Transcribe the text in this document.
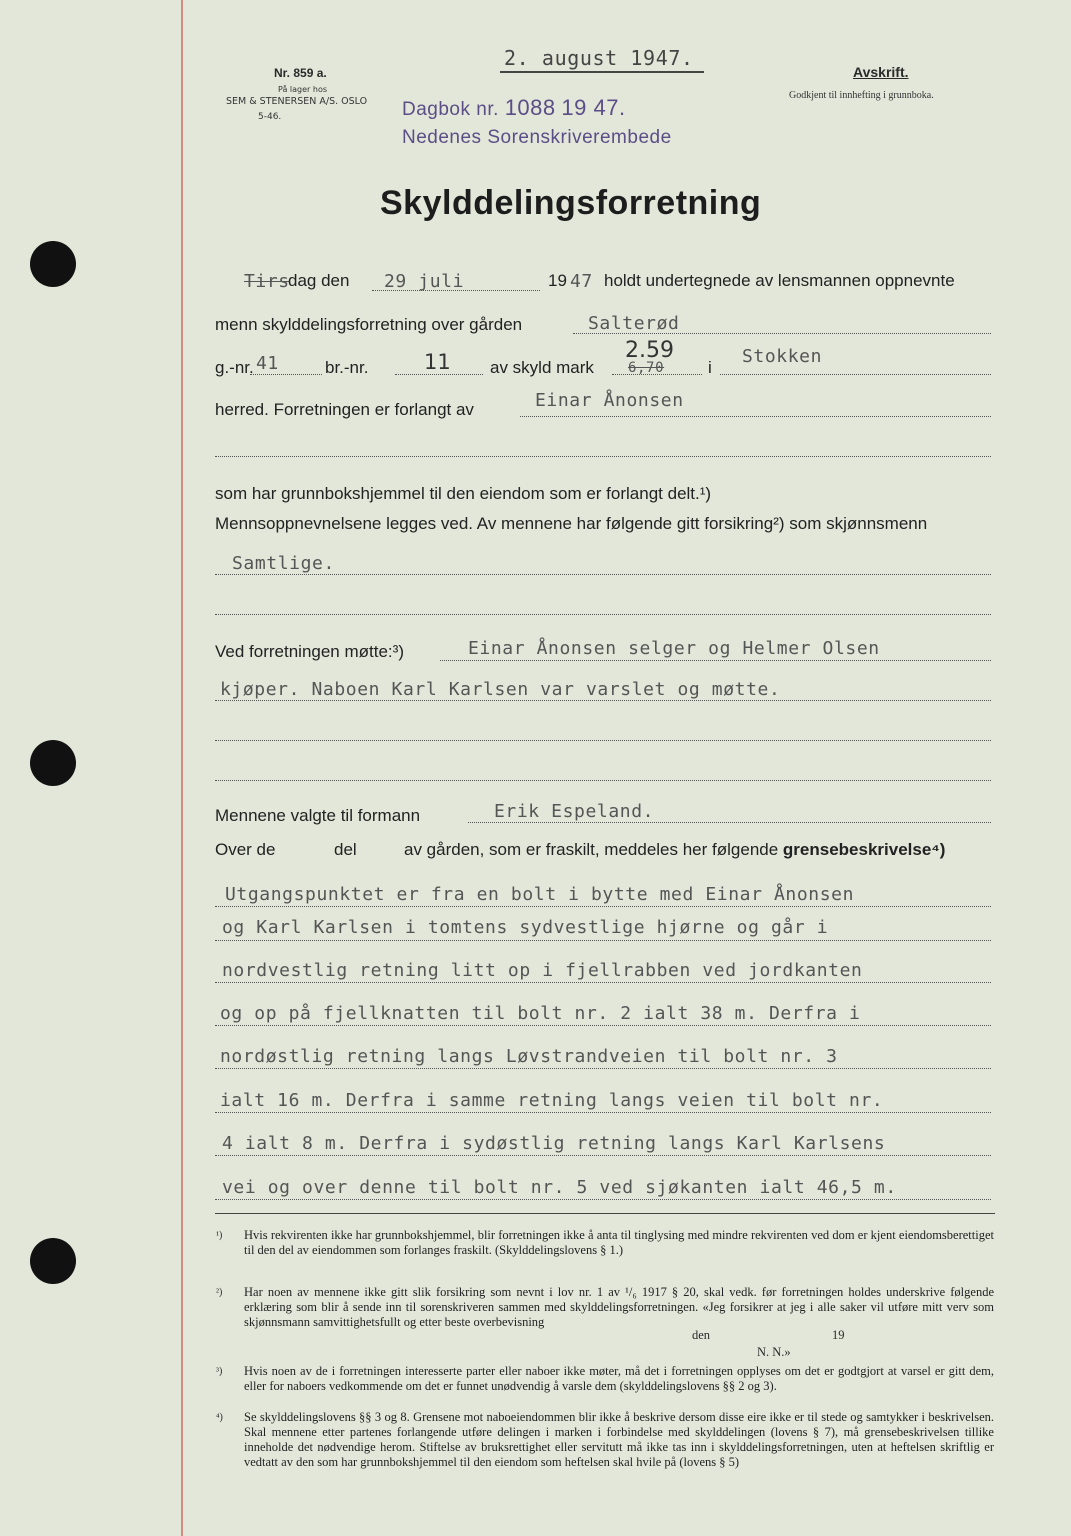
Nr. 859 a.
På lager hos
SEM & STENERSEN A/S. OSLO
5-46.
2. august 1947.
Dagbok nr. 1088 19 47.
Nedenes Sorenskriverembede
Avskrift.
Godkjent til innhefting i grunnboka.
Skylddelingsforretning
Tirs
dag den 29 juli	19 47 holdt undertegnede av lensmannen oppnevnte
menn skylddelingsforretning over gården	Salterød
g.-nr. 41	br.-nr.	11 av skyld mark
2.59
6,70	i
Stokken
herred. Forretningen er forlangt av	Einar Ånonsen
som har grunnbokshjemmel til den eiendom som er forlangt delt.¹)
Mennsoppnevnelsene legges ved. Av mennene har følgende gitt forsikring²) som skjønnsmenn
Samtlige.
Ved forretningen møtte:³)	Einar Ånonsen selger og Helmer Olsen
kjøper. Naboen Karl Karlsen var varslet og møtte.
Mennene valgte til formann	Erik Espeland.
Over de	del	av gården, som er fraskilt, meddeles her følgende grensebeskrivelse⁴)
Utgangspunktet er fra en bolt i bytte med Einar Ånonsen
og Karl Karlsen i tomtens sydvestlige hjørne og går i
nordvestlig retning litt op i fjellrabben ved jordkanten
og op på fjellknatten til bolt nr. 2 ialt 38 m. Derfra i
nordøstlig retning langs Løvstrandveien til bolt nr. 3
ialt 16 m. Derfra i samme retning langs veien til bolt nr.
4 ialt 8 m. Derfra i sydøstlig retning langs Karl Karlsens
vei og over denne til bolt nr. 5 ved sjøkanten ialt 46,5 m.
¹) Hvis rekvirenten ikke har grunnbokshjemmel, blir forretningen ikke å anta til tinglysing med mindre rekvirenten ved dom er kjent eiendomsberettiget til den del av eiendommen som forlanges fraskilt. (Skylddelingslovens § 1.)
²) Har noen av mennene ikke gitt slik forsikring som nevnt i lov nr. 1 av ¹/₆ 1917 § 20, skal vedk. før forretningen holdes underskrive følgende erklæring som blir å sende inn til sorenskriveren sammen med skylddelingsforretningen. «Jeg forsikrer at jeg i alle saker vil utføre mitt verv som skjønnsmann samvittighetsfullt og etter beste overbevisning
den	19
N. N.»
³) Hvis noen av de i forretningen interesserte parter eller naboer ikke møter, må det i forretningen opplyses om det er godtgjort at varsel er gitt dem, eller for naboers vedkommende om det er funnet unødvendig å varsle dem (skylddelingslovens §§ 2 og 3).
⁴) Se skylddelingslovens §§ 3 og 8. Grensene mot naboeiendommen blir ikke å beskrive dersom disse eire ikke er til stede og samtykker i beskrivelsen. Skal mennene etter partenes forlangende utføre delingen i marken i forbindelse med skylddelingen (lovens § 7), må grensebeskrivelsen tillike inneholde det nødvendige herom. Stiftelse av bruksrettighet eller servitutt må ikke tas inn i skylddelingsforretningen, uten at heftelsen skriftlig er vedtatt av den som har grunnbokshjemmel til den eiendom som heftelsen skal hvile på (lovens § 5)
